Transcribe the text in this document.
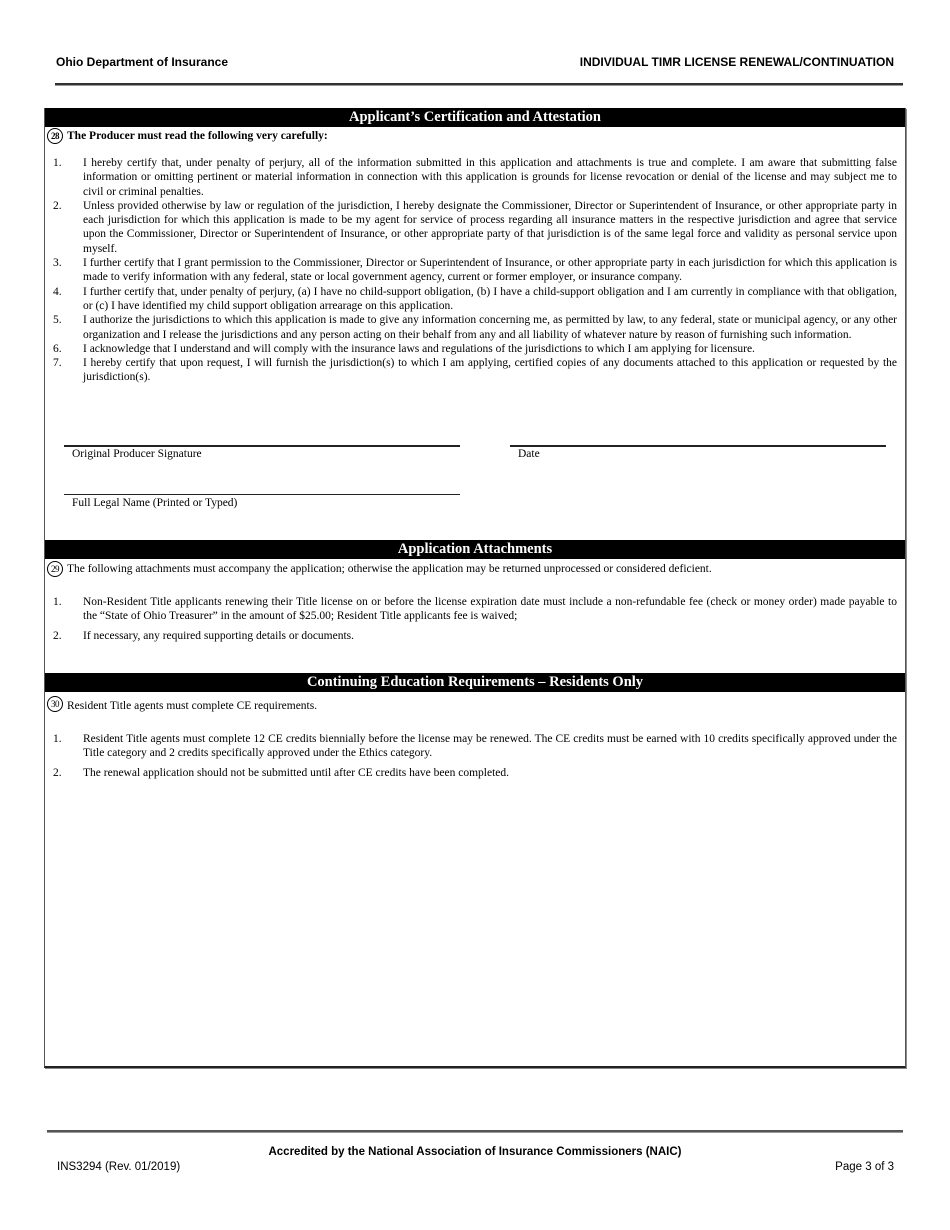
Ohio Department of Insurance	INDIVIDUAL TIMR LICENSE RENEWAL/CONTINUATION
Applicant’s Certification and Attestation
28 The Producer must read the following very carefully:
1. I hereby certify that, under penalty of perjury, all of the information submitted in this application and attachments is true and complete. I am aware that submitting false information or omitting pertinent or material information in connection with this application is grounds for license revocation or denial of the license and may subject me to civil or criminal penalties.
2. Unless provided otherwise by law or regulation of the jurisdiction, I hereby designate the Commissioner, Director or Superintendent of Insurance, or other appropriate party in each jurisdiction for which this application is made to be my agent for service of process regarding all insurance matters in the respective jurisdiction and agree that service upon the Commissioner, Director or Superintendent of Insurance, or other appropriate party of that jurisdiction is of the same legal force and validity as personal service upon myself.
3. I further certify that I grant permission to the Commissioner, Director or Superintendent of Insurance, or other appropriate party in each jurisdiction for which this application is made to verify information with any federal, state or local government agency, current or former employer, or insurance company.
4. I further certify that, under penalty of perjury, (a) I have no child-support obligation, (b) I have a child-support obligation and I am currently in compliance with that obligation, or (c) I have identified my child support obligation arrearage on this application.
5. I authorize the jurisdictions to which this application is made to give any information concerning me, as permitted by law, to any federal, state or municipal agency, or any other organization and I release the jurisdictions and any person acting on their behalf from any and all liability of whatever nature by reason of furnishing such information.
6. I acknowledge that I understand and will comply with the insurance laws and regulations of the jurisdictions to which I am applying for licensure.
7. I hereby certify that upon request, I will furnish the jurisdiction(s) to which I am applying, certified copies of any documents attached to this application or requested by the jurisdiction(s).
Original Producer Signature	Date
Full Legal Name (Printed or Typed)
Application Attachments
29 The following attachments must accompany the application; otherwise the application may be returned unprocessed or considered deficient.
1. Non-Resident Title applicants renewing their Title license on or before the license expiration date must include a non-refundable fee (check or money order) made payable to the “State of Ohio Treasurer” in the amount of $25.00; Resident Title applicants fee is waived;
2. If necessary, any required supporting details or documents.
Continuing Education Requirements – Residents Only
30 Resident Title agents must complete CE requirements.
1. Resident Title agents must complete 12 CE credits biennially before the license may be renewed. The CE credits must be earned with 10 credits specifically approved under the Title category and 2 credits specifically approved under the Ethics category.
2. The renewal application should not be submitted until after CE credits have been completed.
Accredited by the National Association of Insurance Commissioners (NAIC)
INS3294 (Rev. 01/2019)	Page 3 of 3
